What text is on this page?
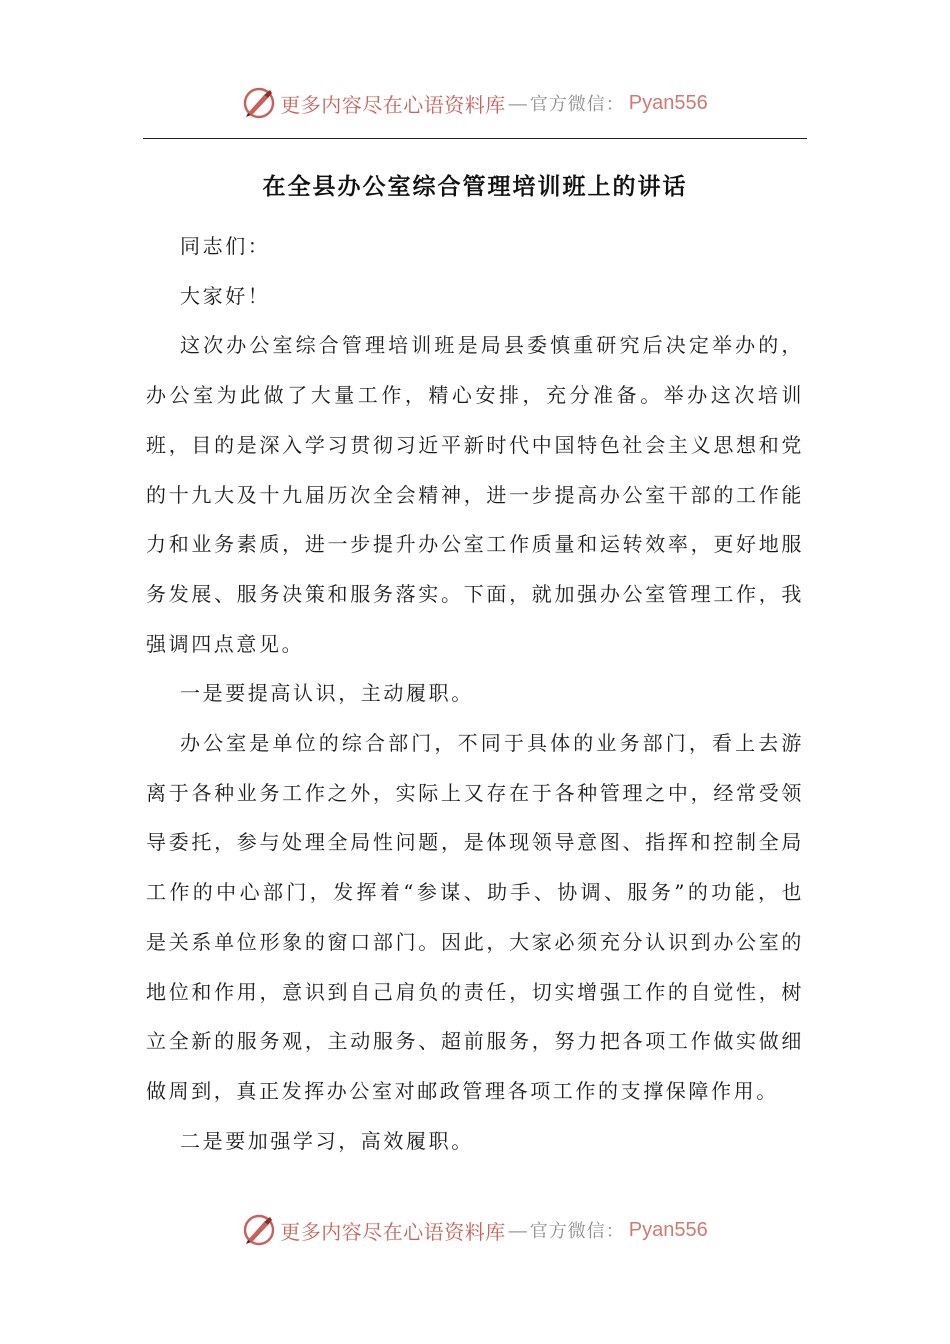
更多内容尽在心语资料库 — 官方微信： Pyan556
在全县办公室综合管理培训班上的讲话

同志们：

大家好！

这次办公室综合管理培训班是局县委慎重研究后决定举办的，办公室为此做了大量工作，精心安排，充分准备。举办这次培训班，目的是深入学习贯彻习近平新时代中国特色社会主义思想和党的十九大及十九届历次全会精神，进一步提高办公室干部的工作能力和业务素质，进一步提升办公室工作质量和运转效率，更好地服务发展、服务决策和服务落实。下面，就加强办公室管理工作，我强调四点意见。

一是要提高认识，主动履职。

办公室是单位的综合部门，不同于具体的业务部门，看上去游离于各种业务工作之外，实际上又存在于各种管理之中，经常受领导委托，参与处理全局性问题，是体现领导意图、指挥和控制全局工作的中心部门，发挥着“参谋、助手、协调、服务”的功能，也是关系单位形象的窗口部门。因此，大家必须充分认识到办公室的地位和作用，意识到自己肩负的责任，切实增强工作的自觉性，树立全新的服务观，主动服务、超前服务，努力把各项工作做实做细做周到，真正发挥办公室对邮政管理各项工作的支撑保障作用。

二是要加强学习，高效履职。

更多内容尽在心语资料库 — 官方微信： Pyan556
